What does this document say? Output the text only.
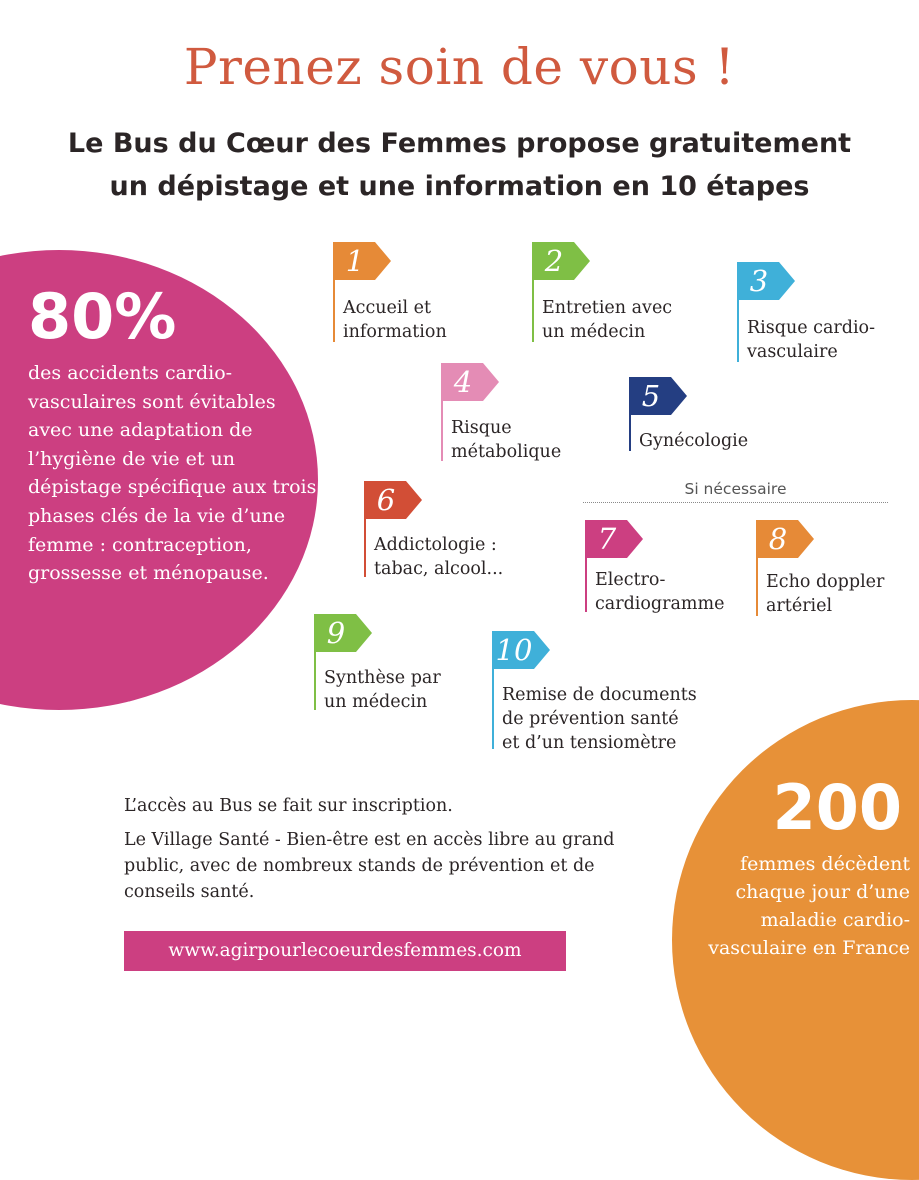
Prenez soin de vous !
Le Bus du Cœur des Femmes propose gratuitement
un dépistage et une information en 10 étapes
80%
des accidents cardio-vasculaires sont évitables avec une adaptation de l’hygiène de vie et un dépistage spécifique aux trois phases clés de la vie d’une femme : contraception, grossesse et ménopause.
200
femmes décèdent chaque jour d’une maladie cardio-vasculaire en France
1
Accueil et
information
2
Entretien avec
un médecin
3
Risque cardio-
vasculaire
4
Risque
métabolique
5
Gynécologie
6
Addictologie :
tabac, alcool...
Si nécessaire
7
Electro-
cardiogramme
8
Echo doppler
artériel
9
Synthèse par
un médecin
10
Remise de documents
de prévention santé
et d’un tensiomètre

L’accès au Bus se fait sur inscription.

Le Village Santé - Bien-être est en accès libre au grand public, avec de nombreux stands de prévention et de conseils santé.

www.agirpourlecoeurdesfemmes.com
